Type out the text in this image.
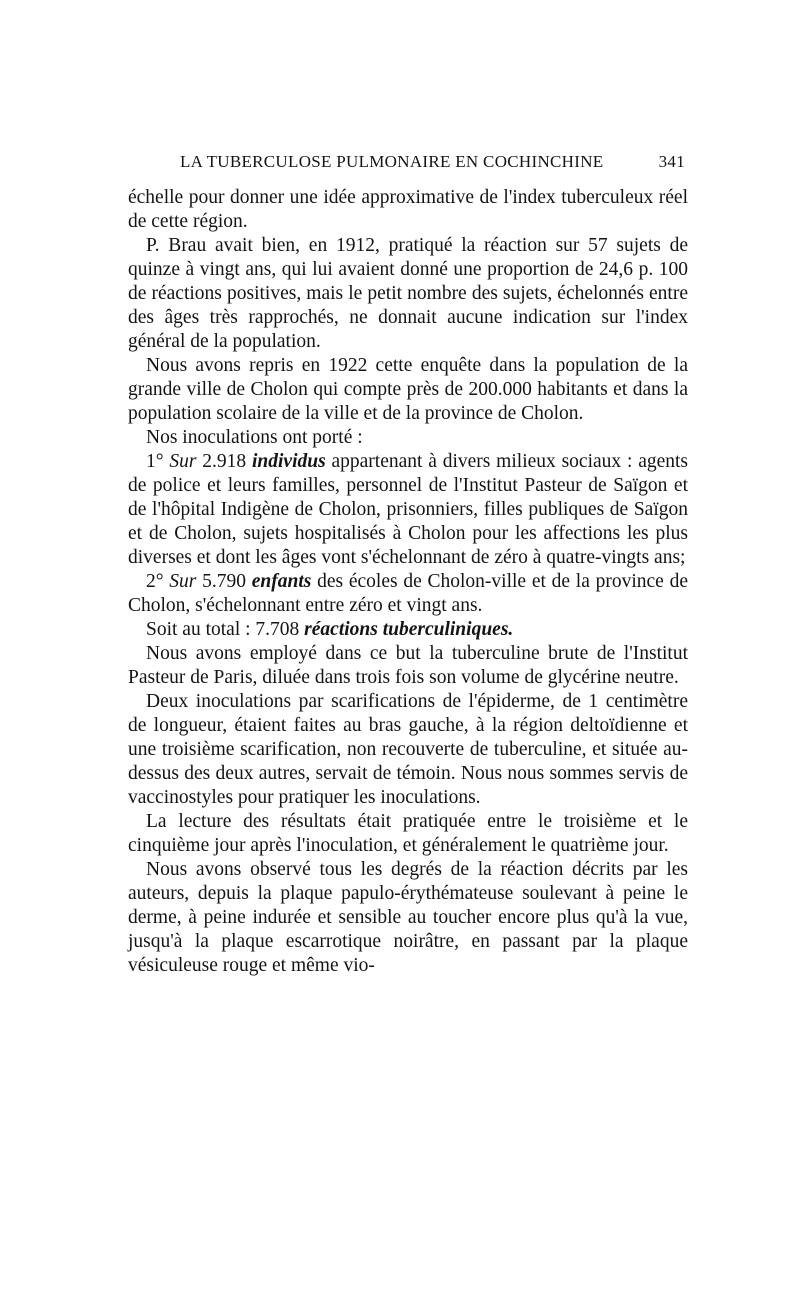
LA TUBERCULOSE PULMONAIRE EN COCHINCHINE	341

échelle pour donner une idée approximative de l'index tuberculeux réel de cette région.

P. Brau avait bien, en 1912, pratiqué la réaction sur 57 sujets de quinze à vingt ans, qui lui avaient donné une proportion de 24,6 p. 100 de réactions positives, mais le petit nombre des sujets, échelonnés entre des âges très rapprochés, ne donnait aucune indication sur l'index général de la population.

Nous avons repris en 1922 cette enquête dans la population de la grande ville de Cholon qui compte près de 200.000 habitants et dans la population scolaire de la ville et de la province de Cholon.

Nos inoculations ont porté :

1° Sur 2.918 individus appartenant à divers milieux sociaux : agents de police et leurs familles, personnel de l'Institut Pasteur de Saïgon et de l'hôpital Indigène de Cholon, prisonniers, filles publiques de Saïgon et de Cholon, sujets hospitalisés à Cholon pour les affections les plus diverses et dont les âges vont s'échelonnant de zéro à quatre-vingts ans;

2° Sur 5.790 enfants des écoles de Cholon-ville et de la province de Cholon, s'échelonnant entre zéro et vingt ans.

Soit au total : 7.708 réactions tuberculiniques.

Nous avons employé dans ce but la tuberculine brute de l'Institut Pasteur de Paris, diluée dans trois fois son volume de glycérine neutre.

Deux inoculations par scarifications de l'épiderme, de 1 centimètre de longueur, étaient faites au bras gauche, à la région deltoïdienne et une troisième scarification, non recouverte de tuberculine, et située au-dessus des deux autres, servait de témoin. Nous nous sommes servis de vaccinostyles pour pratiquer les inoculations.

La lecture des résultats était pratiquée entre le troisième et le cinquième jour après l'inoculation, et généralement le quatrième jour.

Nous avons observé tous les degrés de la réaction décrits par les auteurs, depuis la plaque papulo-érythémateuse soulevant à peine le derme, à peine indurée et sensible au toucher encore plus qu'à la vue, jusqu'à la plaque escarrotique noirâtre, en passant par la plaque vésiculeuse rouge et même vio-
